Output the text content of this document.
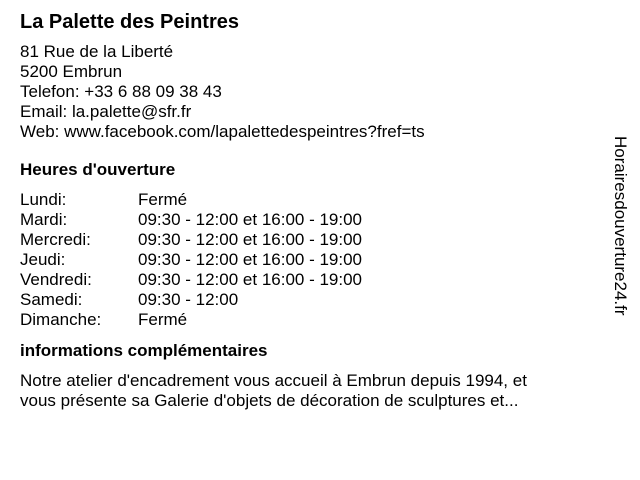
La Palette des Peintres
81 Rue de la Liberté
5200 Embrun
Telefon: +33 6 88 09 38 43
Email: la.palette@sfr.fr
Web: www.facebook.com/lapalettedespeintres?fref=ts
Heures d'ouverture
Lundi:	Fermé
Mardi:	09:30 - 12:00 et 16:00 - 19:00
Mercredi:	09:30 - 12:00 et 16:00 - 19:00
Jeudi:	09:30 - 12:00 et 16:00 - 19:00
Vendredi:	09:30 - 12:00 et 16:00 - 19:00
Samedi:	09:30 - 12:00
Dimanche:	Fermé
informations complémentaires
Notre atelier d'encadrement vous accueil à Embrun depuis 1994, et
vous présente sa Galerie d'objets de décoration de sculptures et...
Horairesdouverture24.fr
